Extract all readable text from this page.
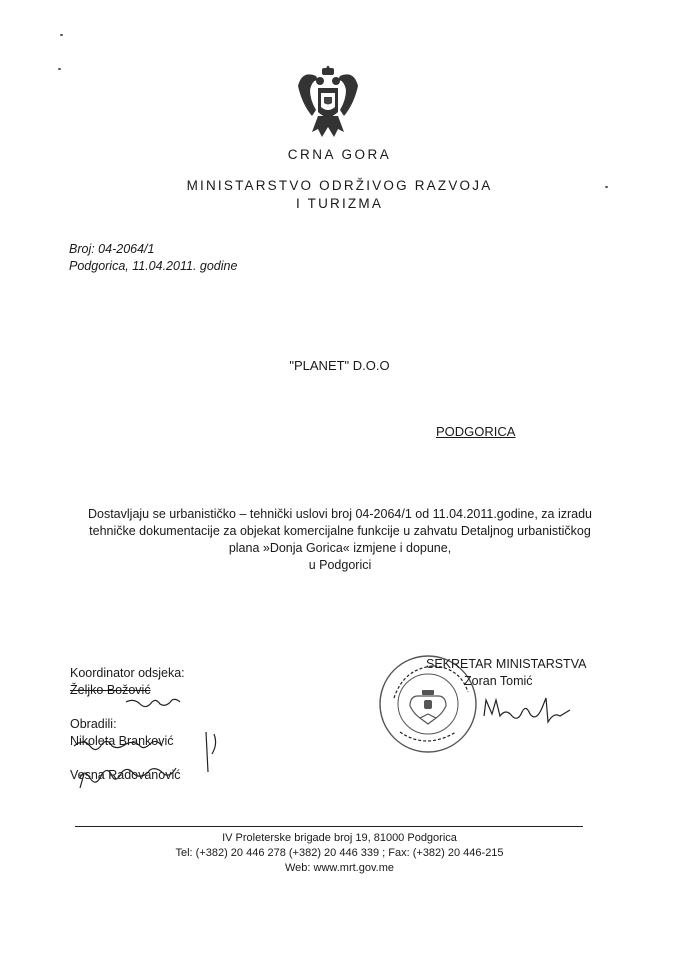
CRNA GORA
MINISTARSTVO ODRŽIVOG RAZVOJA
I TURIZMA
Broj: 04-2064/1
Podgorica, 11.04.2011. godine
"PLANET" D.O.O
PODGORICA
Dostavljaju se urbanističko – tehnički uslovi broj 04-2064/1 od 11.04.2011.godine, za izradu
tehničke dokumentacije za objekat komercijalne funkcije u zahvatu Detaljnog urbanističkog
plana »Donja Gorica« izmjene i dopune,
u Podgorici
Koordinator odsjeka:
Željko Božović
Obradili:
Nikoleta Branković
Vesna Radovanović
SEKRETAR MINISTARSTVA
Zoran Tomić
IV Proleterske brigade broj 19, 81000 Podgorica
Tel: (+382) 20 446 278 (+382) 20 446 339 ; Fax: (+382) 20 446-215
Web: www.mrt.gov.me
